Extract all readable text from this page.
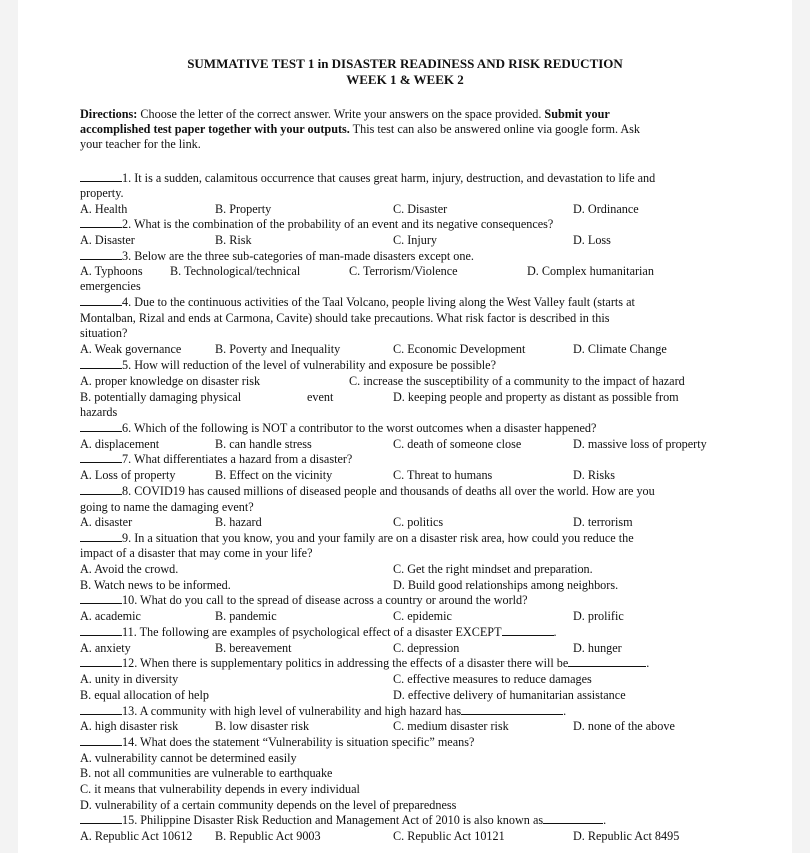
SUMMATIVE TEST 1 in DISASTER READINESS AND RISK REDUCTION
WEEK 1 & WEEK 2
Directions: Choose the letter of the correct answer. Write your answers on the space provided. Submit your
accomplished test paper together with your outputs. This test can also be answered online via google form. Ask
your teacher for the link.
1. It is a sudden, calamitous occurrence that causes great harm, injury, destruction, and devastation to life and
property.
A. Health	B. Property	C. Disaster	D. Ordinance
2. What is the combination of the probability of an event and its negative consequences?
A. Disaster	B. Risk	C. Injury	D. Loss
3. Below are the three sub-categories of man-made disasters except one.
A. Typhoons B. Technological/technical	C. Terrorism/Violence	D. Complex humanitarian
emergencies
4. Due to the continuous activities of the Taal Volcano, people living along the West Valley fault (starts at
Montalban, Rizal and ends at Carmona, Cavite) should take precautions. What risk factor is described in this
situation?
A. Weak governance	B. Poverty and Inequality	C. Economic Development	D. Climate Change
5. How will reduction of the level of vulnerability and exposure be possible?
A. proper knowledge on disaster risk	C. increase the susceptibility of a community to the impact of hazard
B. potentially damaging physical	event	D. keeping people and property as distant as possible from
hazards
6. Which of the following is NOT a contributor to the worst outcomes when a disaster happened?
A. displacement	B. can handle stress	C. death of someone close	D. massive loss of property
7. What differentiates a hazard from a disaster?
A. Loss of property	B. Effect on the vicinity	C. Threat to humans	D. Risks
8. COVID19 has caused millions of diseased people and thousands of deaths all over the world. How are you
going to name the damaging event?
A. disaster	B. hazard	C. politics	D. terrorism
9. In a situation that you know, you and your family are on a disaster risk area, how could you reduce the
impact of a disaster that may come in your life?
A. Avoid the crowd.	C. Get the right mindset and preparation.
B. Watch news to be informed.	D. Build good relationships among neighbors.
10. What do you call to the spread of disease across a country or around the world?
A. academic	B. pandemic	C. epidemic	D. prolific
11. The following are examples of psychological effect of a disaster EXCEPT	.
A. anxiety	B. bereavement	C. depression	D. hunger
12. When there is supplementary politics in addressing the effects of a disaster there will be	.
A. unity in diversity	C. effective measures to reduce damages
B. equal allocation of help	D. effective delivery of humanitarian assistance
13. A community with high level of vulnerability and high hazard has	.
A. high disaster risk	B. low disaster risk	C. medium disaster risk	D. none of the above
14. What does the statement “Vulnerability is situation specific” means?
A. vulnerability cannot be determined easily
B. not all communities are vulnerable to earthquake
C. it means that vulnerability depends in every individual
D. vulnerability of a certain community depends on the level of preparedness
15. Philippine Disaster Risk Reduction and Management Act of 2010 is also known as	.
A. Republic Act 10612 B. Republic Act 9003	C. Republic Act 10121	D. Republic Act 8495
